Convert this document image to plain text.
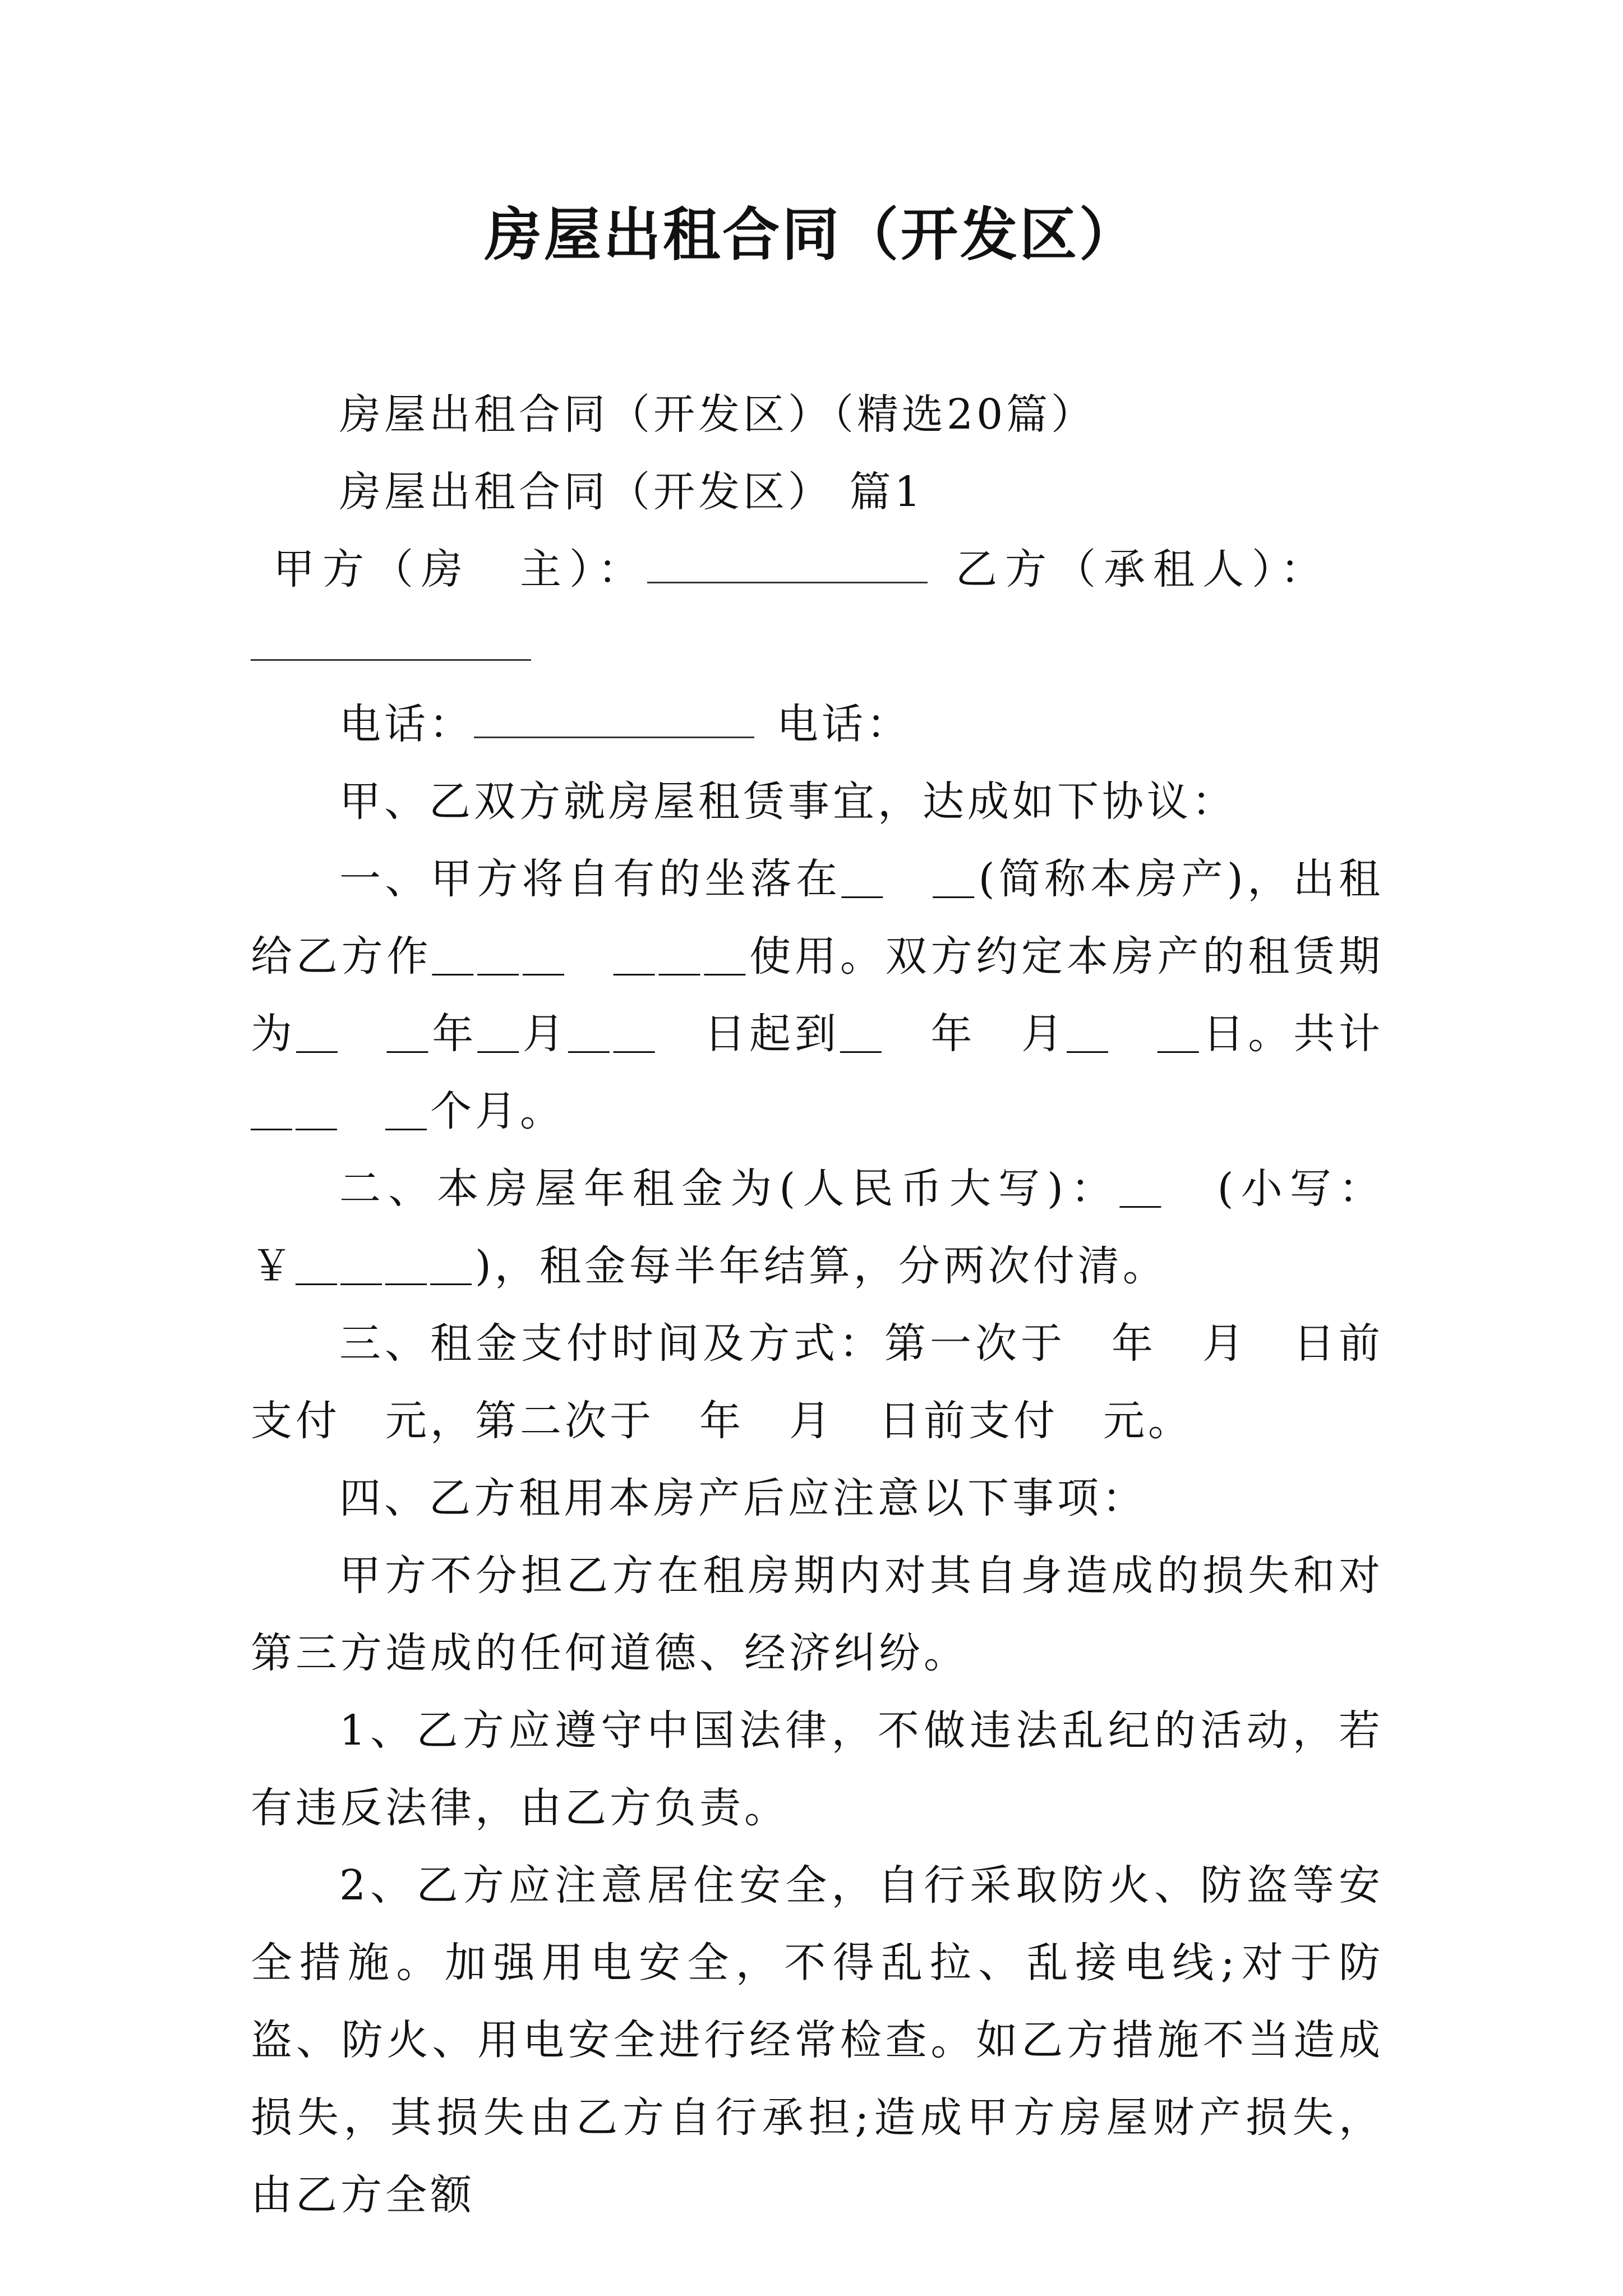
房屋出租合同（开发区）

房屋出租合同（开发区）（精选20篇）

房屋出租合同（开发区） 篇1

甲方（房　主）：	乙方（承租人）：

电话：	电话：

甲、乙双方就房屋租赁事宜，达成如下协议：

一、甲方将自有的坐落在＿　＿(简称本房产)，出租给乙方作＿＿＿　＿＿＿使用。双方约定本房产的租赁期为＿　＿年＿月＿＿　日起到＿　年　月＿　＿日。共计＿＿　＿个月。

二、本房屋年租金为(人民币大写)：＿　(小写：￥＿＿＿＿)，租金每半年结算，分两次付清。

三、租金支付时间及方式：第一次于　年　月　日前支付　元，第二次于　年　月　日前支付　元。

四、乙方租用本房产后应注意以下事项：

甲方不分担乙方在租房期内对其自身造成的损失和对第三方造成的任何道德、经济纠纷。

1、乙方应遵守中国法律，不做违法乱纪的活动，若有违反法律，由乙方负责。

2、乙方应注意居住安全，自行采取防火、防盗等安全措施。加强用电安全，不得乱拉、乱接电线;对于防盗、防火、用电安全进行经常检查。如乙方措施不当造成损失，其损失由乙方自行承担;造成甲方房屋财产损失，由乙方全额
